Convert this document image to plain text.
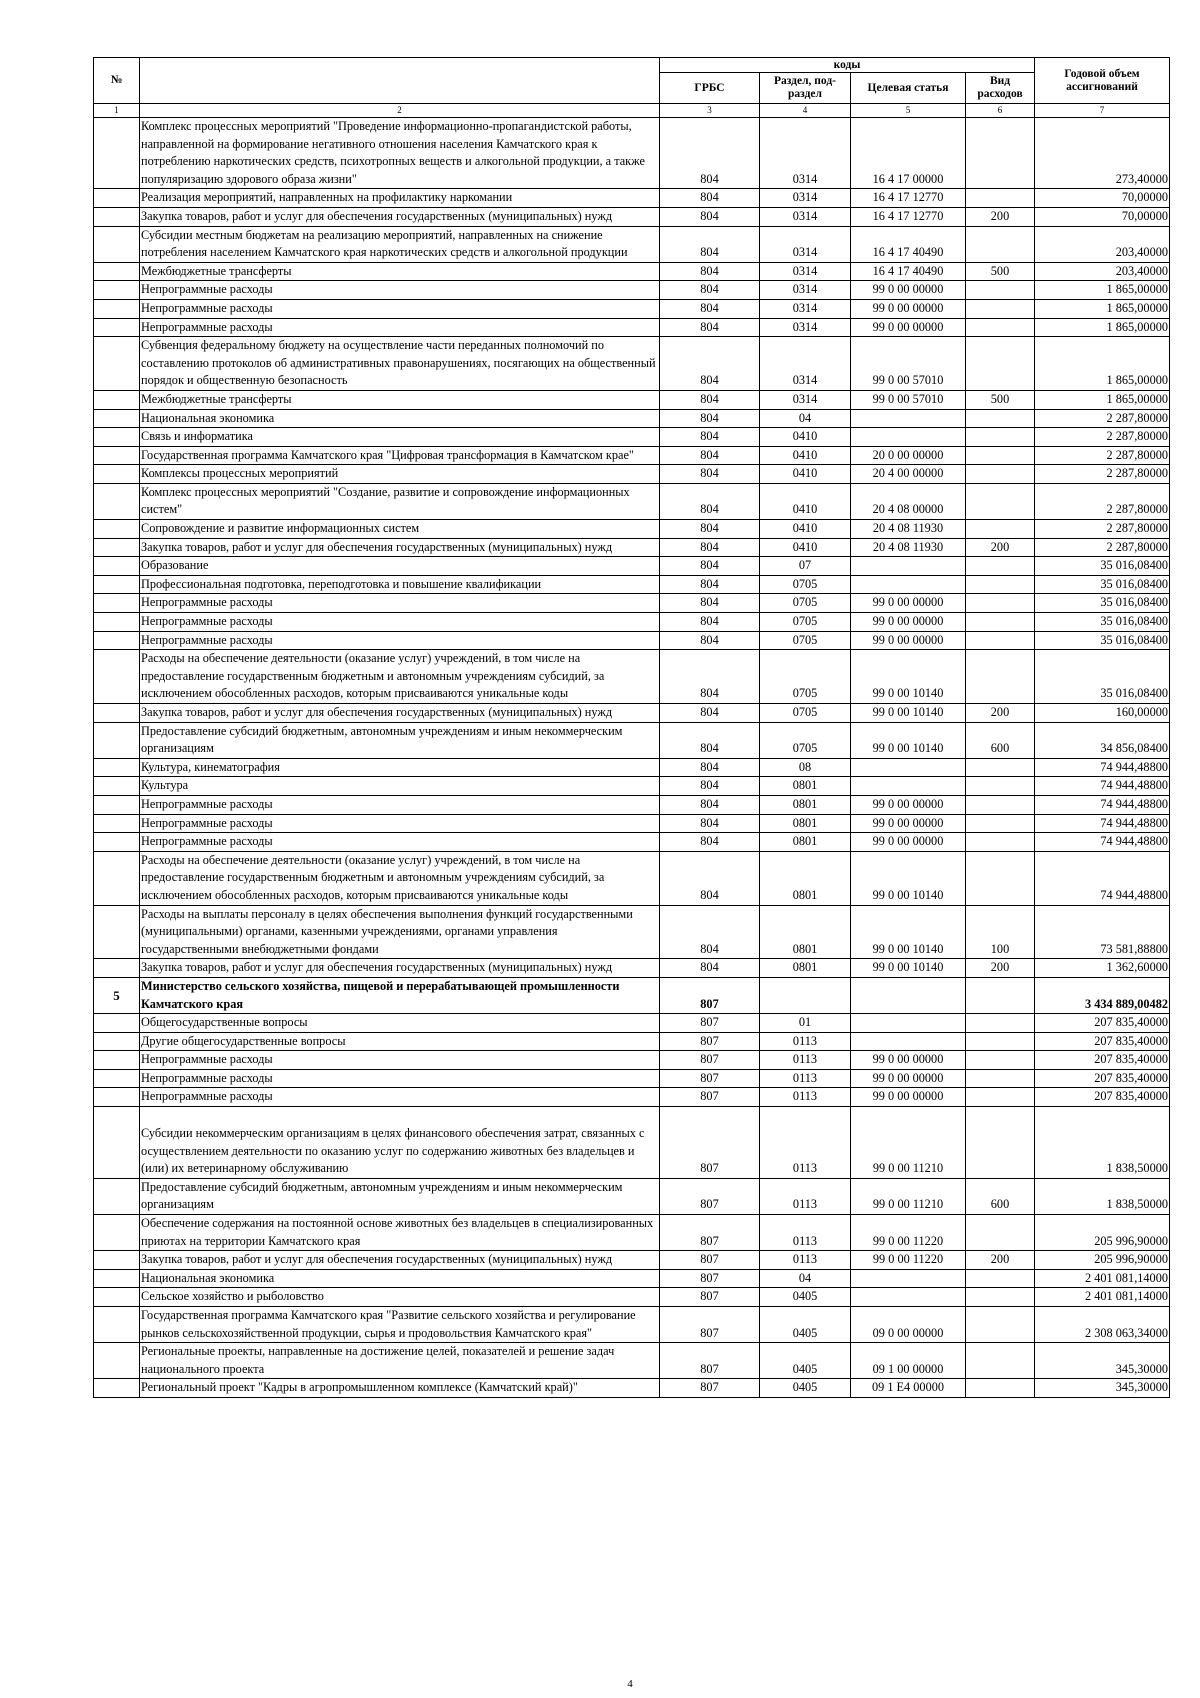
№		коды				Годовой объем ассигнований
		ГРБС	Раздел, под- раздел	Целевая статья	Вид расходов	
1	2	3	4	5	6	7
	Комплекс процессных мероприятий "Проведение информационно-пропагандистской работы, направленной на формирование негативного отношения населения Камчатского края к потреблению наркотических средств, психотропных веществ и алкогольной продукции, а также популяризацию здорового образа жизни"	804	0314	16 4 17 00000		273,40000
	Реализация мероприятий, направленных на профилактику наркомании	804	0314	16 4 17 12770		70,00000
	Закупка товаров, работ и услуг для обеспечения государственных (муниципальных) нужд	804	0314	16 4 17 12770	200	70,00000
	Субсидии местным бюджетам на реализацию мероприятий, направленных на снижение потребления населением Камчатского края наркотических средств и алкогольной продукции	804	0314	16 4 17 40490		203,40000
	Межбюджетные трансферты	804	0314	16 4 17 40490	500	203,40000
	Непрограммные расходы	804	0314	99 0 00 00000		1 865,00000
	Непрограммные расходы	804	0314	99 0 00 00000		1 865,00000
	Непрограммные расходы	804	0314	99 0 00 00000		1 865,00000
	Субвенция федеральному бюджету на осуществление части переданных полномочий по составлению протоколов об административных правонарушениях, посягающих на общественный порядок и общественную безопасность	804	0314	99 0 00 57010		1 865,00000
	Межбюджетные трансферты	804	0314	99 0 00 57010	500	1 865,00000
	Национальная экономика	804	04			2 287,80000
	Связь и информатика	804	0410			2 287,80000
	Государственная программа Камчатского края "Цифровая трансформация в Камчатском крае"	804	0410	20 0 00 00000		2 287,80000
	Комплексы процессных мероприятий	804	0410	20 4 00 00000		2 287,80000
	Комплекс процессных мероприятий "Создание, развитие и сопровождение информационных систем"	804	0410	20 4 08 00000		2 287,80000
	Сопровождение и развитие информационных систем	804	0410	20 4 08 11930		2 287,80000
	Закупка товаров, работ и услуг для обеспечения государственных (муниципальных) нужд	804	0410	20 4 08 11930	200	2 287,80000
	Образование	804	07			35 016,08400
	Профессиональная подготовка, переподготовка и повышение квалификации	804	0705			35 016,08400
	Непрограммные расходы	804	0705	99 0 00 00000		35 016,08400
	Непрограммные расходы	804	0705	99 0 00 00000		35 016,08400
	Непрограммные расходы	804	0705	99 0 00 00000		35 016,08400
	Расходы на обеспечение деятельности (оказание услуг) учреждений, в том числе на предоставление государственным бюджетным и автономным учреждениям субсидий, за исключением обособленных расходов, которым присваиваются уникальные коды	804	0705	99 0 00 10140		35 016,08400
	Закупка товаров, работ и услуг для обеспечения государственных (муниципальных) нужд	804	0705	99 0 00 10140	200	160,00000
	Предоставление субсидий бюджетным, автономным учреждениям и иным некоммерческим организациям	804	0705	99 0 00 10140	600	34 856,08400
	Культура, кинематография	804	08			74 944,48800
	Культура	804	0801			74 944,48800
	Непрограммные расходы	804	0801	99 0 00 00000		74 944,48800
	Непрограммные расходы	804	0801	99 0 00 00000		74 944,48800
	Непрограммные расходы	804	0801	99 0 00 00000		74 944,48800
	Расходы на обеспечение деятельности (оказание услуг) учреждений, в том числе на предоставление государственным бюджетным и автономным учреждениям субсидий, за исключением обособленных расходов, которым присваиваются уникальные коды	804	0801	99 0 00 10140		74 944,48800
	Расходы на выплаты персоналу в целях обеспечения выполнения функций государственными (муниципальными) органами, казенными учреждениями, органами управления государственными внебюджетными фондами	804	0801	99 0 00 10140	100	73 581,88800
	Закупка товаров, работ и услуг для обеспечения государственных (муниципальных) нужд	804	0801	99 0 00 10140	200	1 362,60000
5	Министерство сельского хозяйства, пищевой и перерабатывающей промышленности Камчатского края	807				3 434 889,00482
	Общегосударственные вопросы	807	01			207 835,40000
	Другие общегосударственные вопросы	807	0113			207 835,40000
	Непрограммные расходы	807	0113	99 0 00 00000		207 835,40000
	Непрограммные расходы	807	0113	99 0 00 00000		207 835,40000
	Непрограммные расходы	807	0113	99 0 00 00000		207 835,40000
	Субсидии некоммерческим организациям в целях финансового обеспечения затрат, связанных с осуществлением деятельности по оказанию услуг по содержанию животных без владельцев и (или) их ветеринарному обслуживанию	807	0113	99 0 00 11210		1 838,50000
	Предоставление субсидий бюджетным, автономным учреждениям и иным некоммерческим организациям	807	0113	99 0 00 11210	600	1 838,50000
	Обеспечение содержания на постоянной основе животных без владельцев в специализированных приютах на территории Камчатского края	807	0113	99 0 00 11220		205 996,90000
	Закупка товаров, работ и услуг для обеспечения государственных (муниципальных) нужд	807	0113	99 0 00 11220	200	205 996,90000
	Национальная экономика	807	04			2 401 081,14000
	Сельское хозяйство и рыболовство	807	0405			2 401 081,14000
	Государственная программа Камчатского края "Развитие сельского хозяйства и регулирование рынков сельскохозяйственной продукции, сырья и продовольствия Камчатского края"	807	0405	09 0 00 00000		2 308 063,34000
	Региональные проекты, направленные на достижение целей, показателей и решение задач национального проекта	807	0405	09 1 00 00000		345,30000
	Региональный проект "Кадры в агропромышленном комплексе (Камчатский край)"	807	0405	09 1 E4 00000		345,30000
4
